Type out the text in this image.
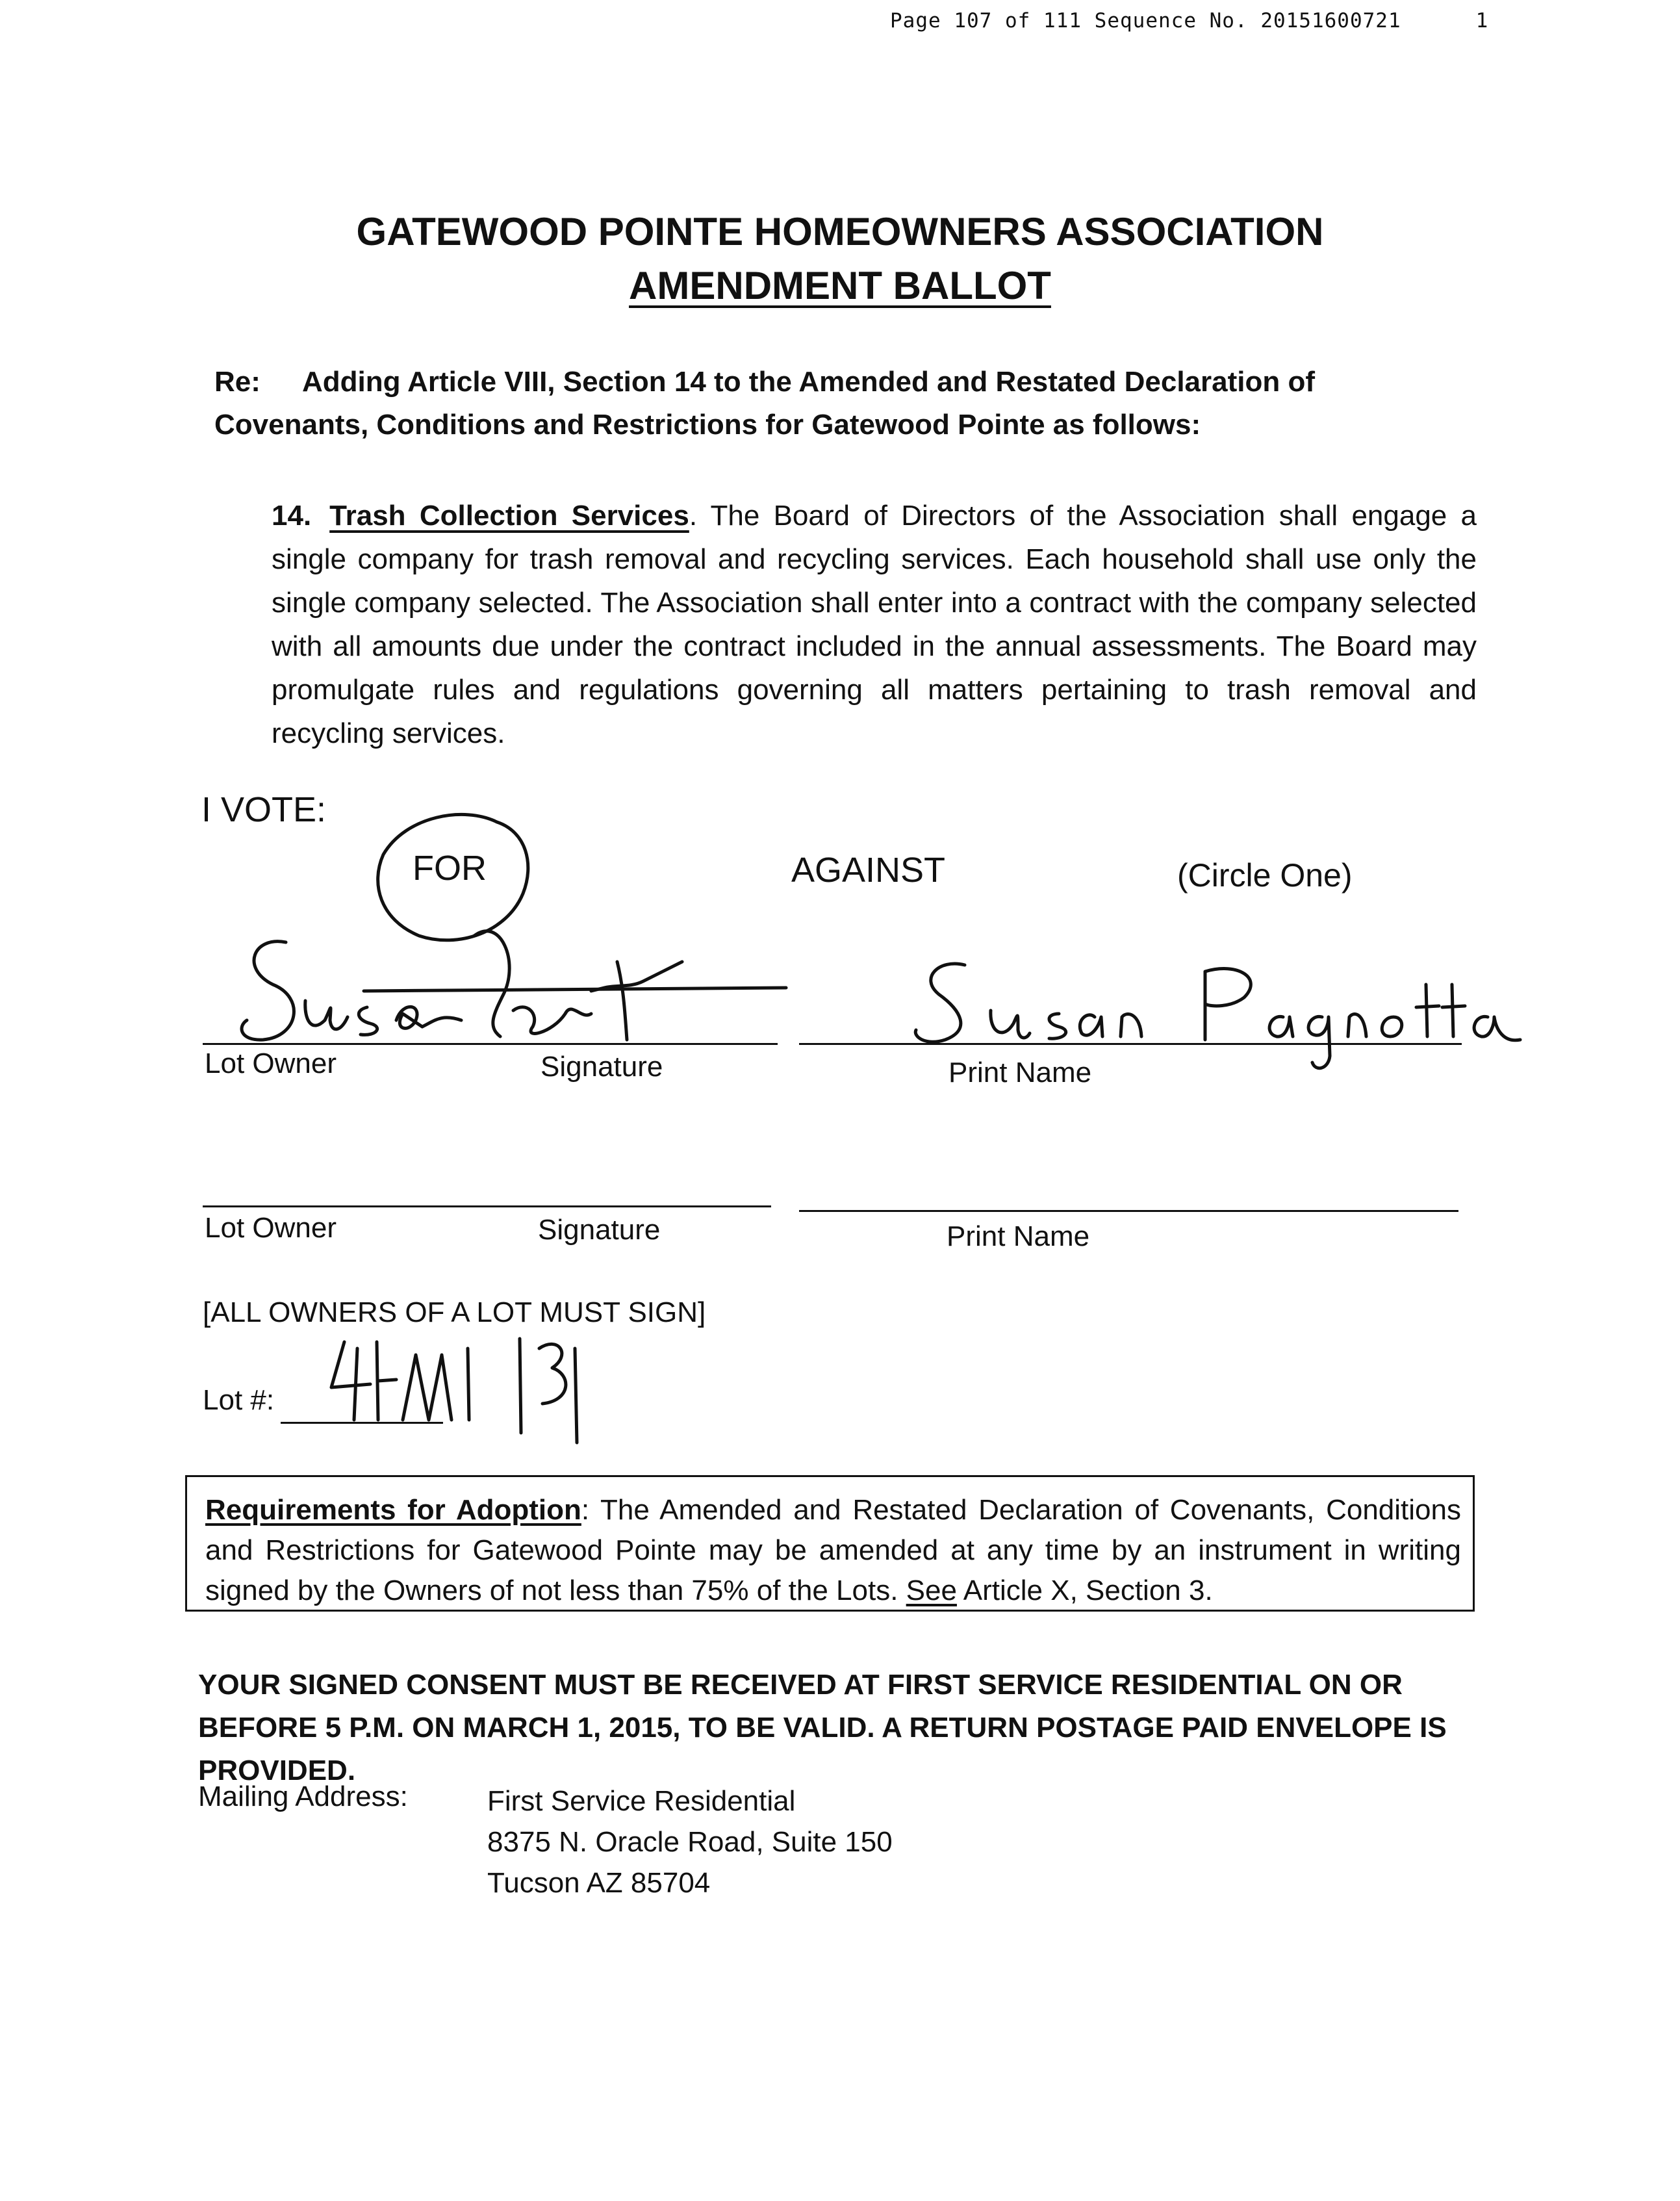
Page 107 of 111 Sequence No. 20151600721	1
GATEWOOD POINTE HOMEOWNERS ASSOCIATION
AMENDMENT BALLOT
Re: Adding Article VIII, Section 14 to the Amended and Restated Declaration of
Covenants, Conditions and Restrictions for Gatewood Pointe as follows:
14. Trash Collection Services. The Board of Directors of the Association shall engage a single company for trash removal and recycling services. Each household shall use only the single company selected. The Association shall enter into a contract with the company selected with all amounts due under the contract included in the annual assessments. The Board may promulgate rules and regulations governing all matters pertaining to trash removal and recycling services.
I VOTE:
FOR	AGAINST	(Circle One)
Lot Owner	Signature	Print Name
Lot Owner	Signature	Print Name
[ALL OWNERS OF A LOT MUST SIGN]
Lot #:
Requirements for Adoption: The Amended and Restated Declaration of Covenants, Conditions and Restrictions for Gatewood Pointe may be amended at any time by an instrument in writing signed by the Owners of not less than 75% of the Lots. See Article X, Section 3.
YOUR SIGNED CONSENT MUST BE RECEIVED AT FIRST SERVICE RESIDENTIAL ON OR BEFORE 5 P.M. ON MARCH 1, 2015, TO BE VALID. A RETURN POSTAGE PAID ENVELOPE IS PROVIDED.
Mailing Address:	First Service Residential
8375 N. Oracle Road, Suite 150
Tucson AZ 85704
